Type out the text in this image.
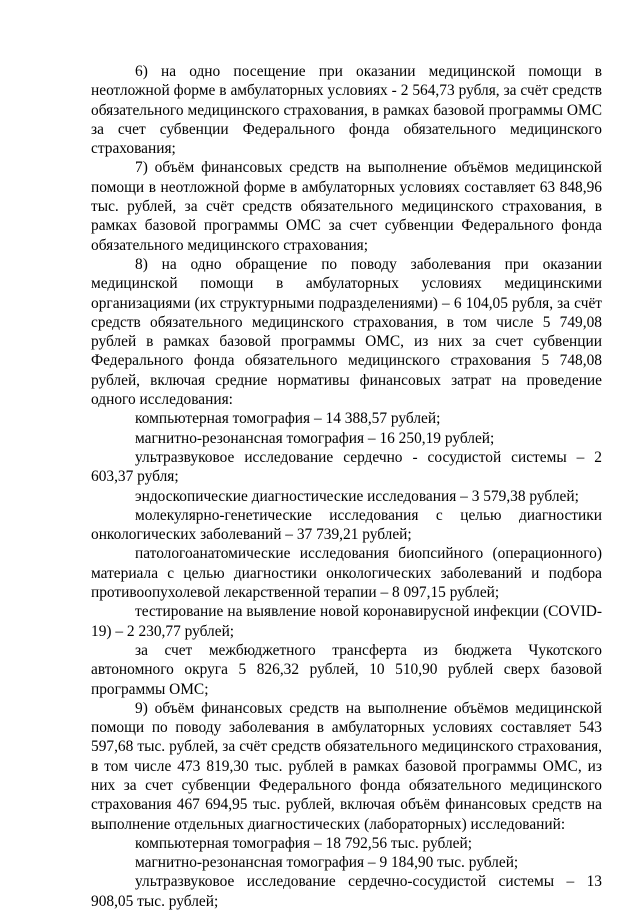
6) на одно посещение при оказании медицинской помощи в неотложной форме в амбулаторных условиях - 2 564,73 рубля, за счёт средств обязательного медицинского страхования, в рамках базовой программы ОМС за счет субвенции Федерального фонда обязательного медицинского страхования;

7) объём финансовых средств на выполнение объёмов медицинской помощи в неотложной форме в амбулаторных условиях составляет 63 848,96 тыс. рублей, за счёт средств обязательного медицинского страхования, в рамках базовой программы ОМС за счет субвенции Федерального фонда обязательного медицинского страхования;

8) на одно обращение по поводу заболевания при оказании медицинской помощи в амбулаторных условиях медицинскими организациями (их структурными подразделениями) – 6 104,05 рубля, за счёт средств обязательного медицинского страхования, в том числе 5 749,08 рублей в рамках базовой программы ОМС, из них за счет субвенции Федерального фонда обязательного медицинского страхования 5 748,08 рублей, включая средние нормативы финансовых затрат на проведение одного исследования:

компьютерная томография – 14 388,57 рублей;

магнитно-резонансная томография – 16 250,19 рублей;

ультразвуковое исследование сердечно - сосудистой системы – 2 603,37 рубля;

эндоскопические диагностические исследования – 3 579,38 рублей;

молекулярно-генетические исследования с целью диагностики онкологических заболеваний – 37 739,21 рублей;

патологоанатомические исследования биопсийного (операционного) материала с целью диагностики онкологических заболеваний и подбора противоопухолевой лекарственной терапии – 8 097,15 рублей;

тестирование на выявление новой коронавирусной инфекции (COVID-19) – 2 230,77 рублей;

за счет межбюджетного трансферта из бюджета Чукотского автономного округа 5 826,32 рублей, 10 510,90 рублей сверх базовой программы ОМС;

9) объём финансовых средств на выполнение объёмов медицинской помощи по поводу заболевания в амбулаторных условиях составляет 543 597,68 тыс. рублей, за счёт средств обязательного медицинского страхования, в том числе 473 819,30 тыс. рублей в рамках базовой программы ОМС, из них за счет субвенции Федерального фонда обязательного медицинского страхования 467 694,95 тыс. рублей, включая объём финансовых средств на выполнение отдельных диагностических (лабораторных) исследований:

компьютерная томография – 18 792,56 тыс. рублей;

магнитно-резонансная томография – 9 184,90 тыс. рублей;

ультразвуковое исследование сердечно-сосудистой системы – 13 908,05 тыс. рублей;
